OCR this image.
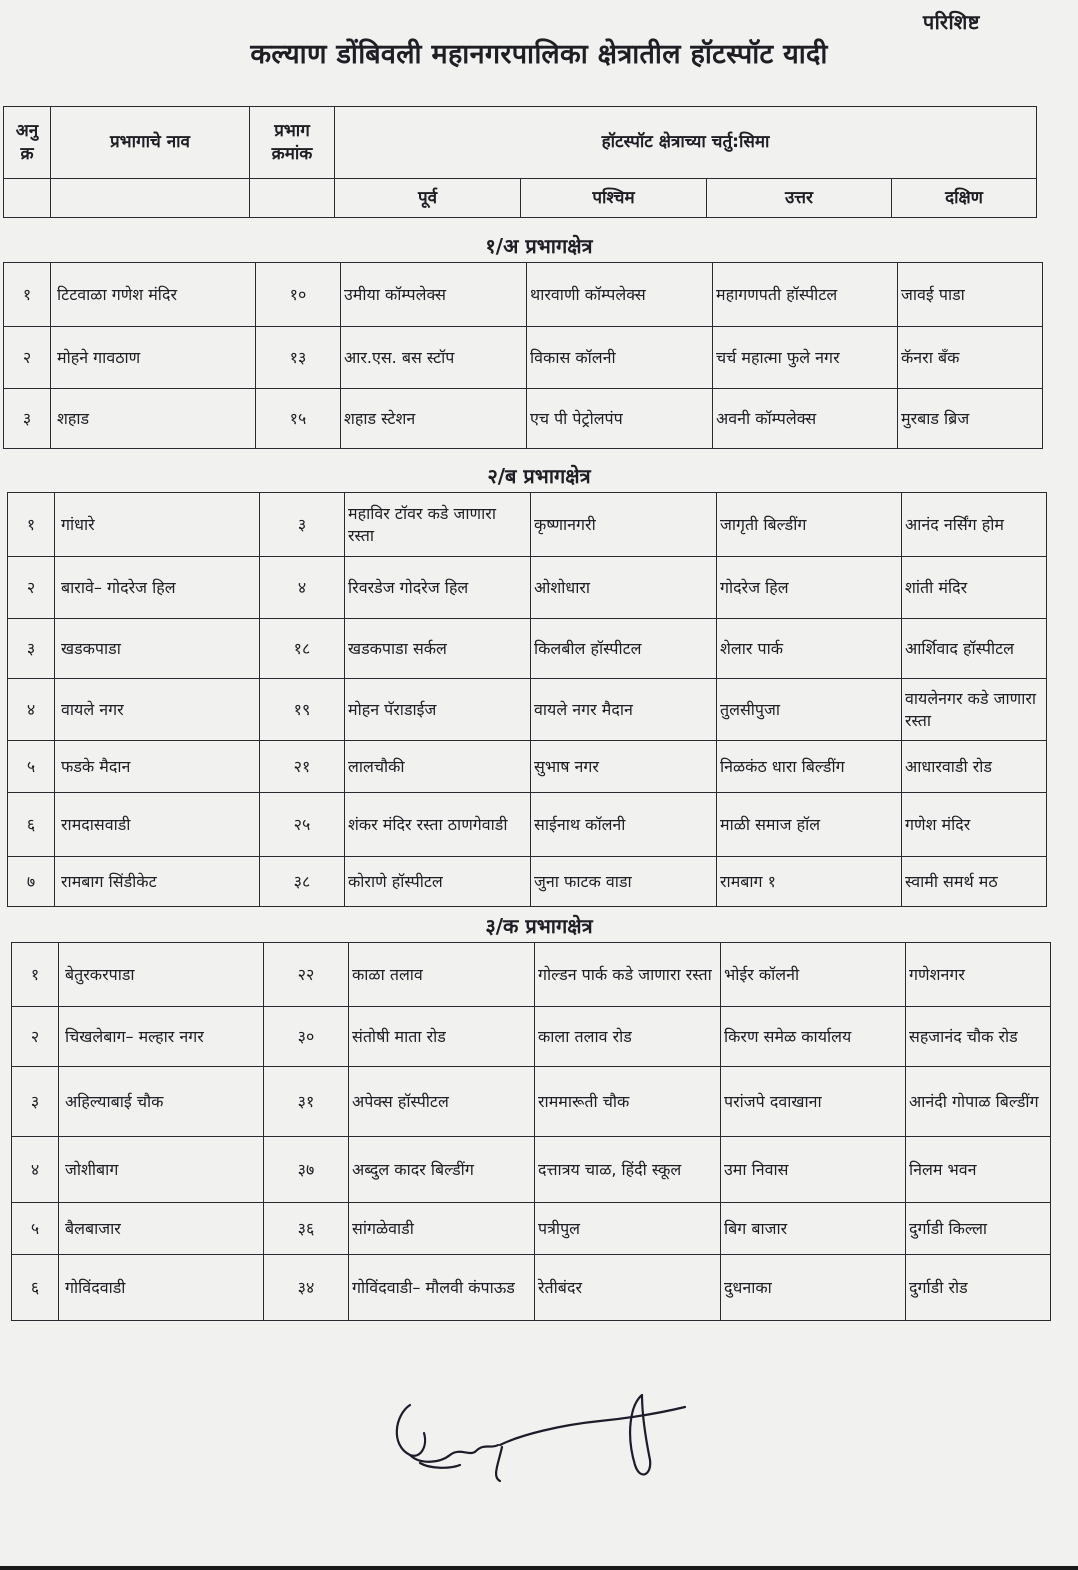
परिशिष्ट
कल्याण डोंबिवली महानगरपालिका क्षेत्रातील हॉटस्पॉट यादी
अनु क्र	प्रभागाचे नाव	प्रभाग क्रमांक	हॉटस्पॉट क्षेत्राच्या चर्तु:सिमा			
			पूर्व	पश्चिम	उत्तर	दक्षिण
१/अ प्रभागक्षेत्र
१	टिटवाळा गणेश मंदिर	१०	उमीया कॉम्पलेक्स	थारवाणी कॉम्पलेक्स	महागणपती हॉस्पीटल	जावई पाडा
२	मोहने गावठाण	१३	आर.एस. बस स्टॉप	विकास कॉलनी	चर्च महात्मा फुले नगर	कॅनरा बॅंक
३	शहाड	१५	शहाड स्टेशन	एच पी पेट्रोलपंप	अवनी कॉम्पलेक्स	मुरबाड ब्रिज
२/ब प्रभागक्षेत्र
१	गांधारे	३	महाविर टॉवर कडे जाणारा रस्ता	कृष्णानगरी	जागृती बिल्डींग	आनंद नर्सिंग होम
२	बारावे– गोदरेज हिल	४	रिवरडेज गोदरेज हिल	ओशोधारा	गोदरेज हिल	शांती मंदिर
३	खडकपाडा	१८	खडकपाडा सर्कल	किलबील हॉस्पीटल	शेलार पार्क	आर्शिवाद हॉस्पीटल
४	वायले नगर	१९	मोहन पॅराडाईज	वायले नगर मैदान	तुलसीपुजा	वायलेनगर कडे जाणारा रस्ता
५	फडके मैदान	२१	लालचौकी	सुभाष नगर	निळकंठ धारा बिल्डींग	आधारवाडी रोड
६	रामदासवाडी	२५	शंकर मंदिर रस्ता ठाणगेवाडी	साईनाथ कॉलनी	माळी समाज हॉल	गणेश मंदिर
७	रामबाग सिंडीकेट	३८	कोराणे हॉस्पीटल	जुना फाटक वाडा	रामबाग १	स्वामी समर्थ मठ
३/क प्रभागक्षेत्र
१	बेतुरकरपाडा	२२	काळा तलाव	गोल्डन पार्क कडे जाणारा रस्ता	भोईर कॉलनी	गणेशनगर
२	चिखलेबाग– मल्हार नगर	३०	संतोषी माता रोड	काला तलाव रोड	किरण समेळ कार्यालय	सहजानंद चौक रोड
३	अहिल्याबाई चौक	३१	अपेक्स हॉस्पीटल	राममारूती चौक	परांजपे दवाखाना	आनंदी गोपाळ बिल्डींग
४	जोशीबाग	३७	अब्दुल कादर बिल्डींग	दत्तात्रय चाळ, हिंदी स्कूल	उमा निवास	निलम भवन
५	बैलबाजार	३६	सांगळेवाडी	पत्रीपुल	बिग बाजार	दुर्गाडी किल्ला
६	गोविंदवाडी	३४	गोविंदवाडी– मौलवी कंपाऊड	रेतीबंदर	दुधनाका	दुर्गाडी रोड
